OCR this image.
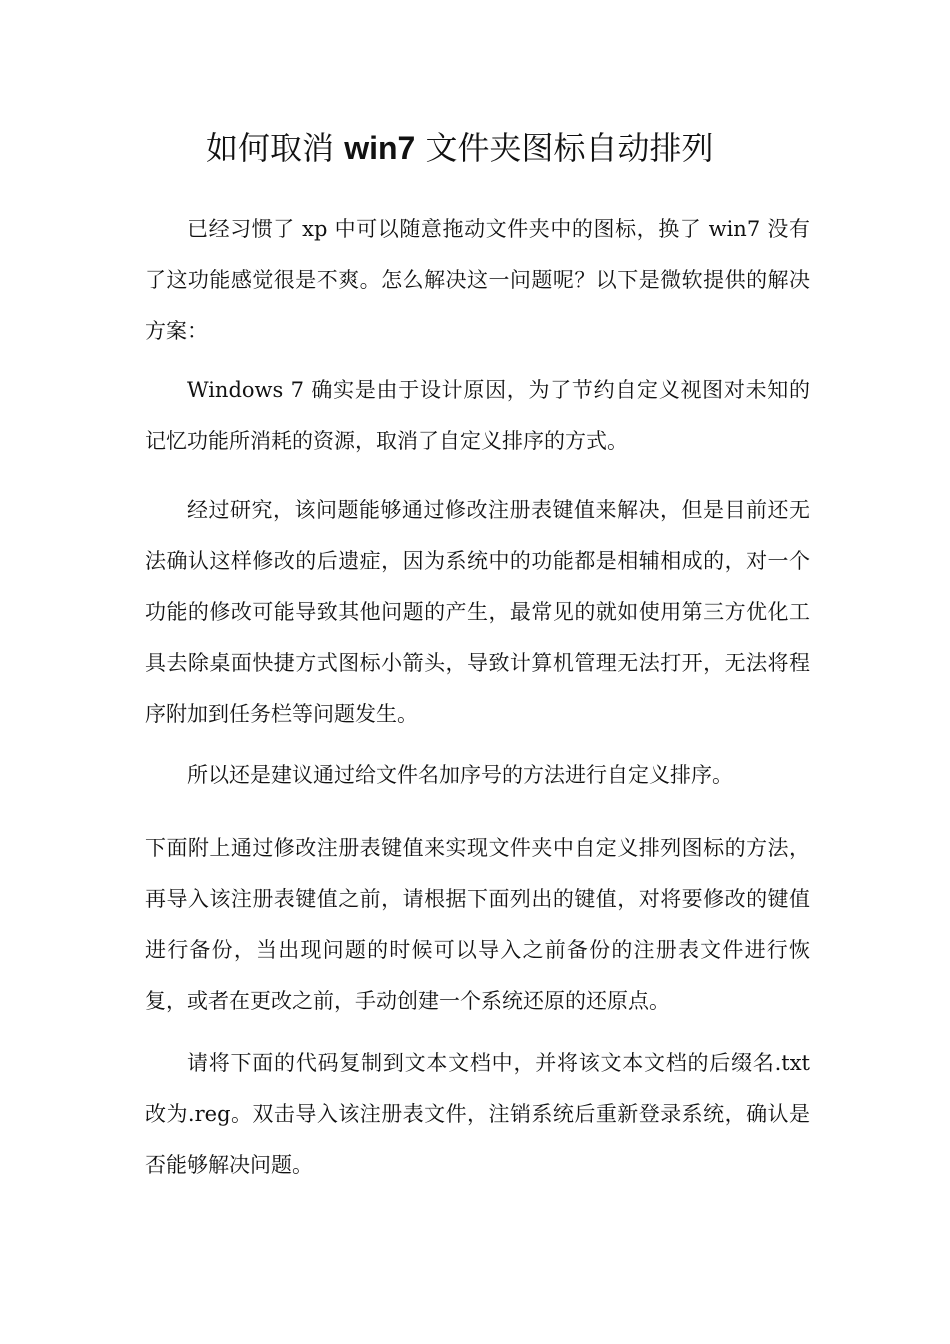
如何取消 win7 文件夹图标自动排列

已经习惯了 xp 中可以随意拖动文件夹中的图标，换了 win7 没有了这功能感觉很是不爽。怎么解决这一问题呢？以下是微软提供的解决方案：

Windows 7 确实是由于设计原因，为了节约自定义视图对未知的记忆功能所消耗的资源，取消了自定义排序的方式。

经过研究，该问题能够通过修改注册表键值来解决，但是目前还无法确认这样修改的后遗症，因为系统中的功能都是相辅相成的，对一个功能的修改可能导致其他问题的产生，最常见的就如使用第三方优化工具去除桌面快捷方式图标小箭头，导致计算机管理无法打开，无法将程序附加到任务栏等问题发生。

所以还是建议通过给文件名加序号的方法进行自定义排序。

下面附上通过修改注册表键值来实现文件夹中自定义排列图标的方法，再导入该注册表键值之前，请根据下面列出的键值，对将要修改的键值进行备份，当出现问题的时候可以导入之前备份的注册表文件进行恢复，或者在更改之前，手动创建一个系统还原的还原点。

请将下面的代码复制到文本文档中，并将该文本文档的后缀名.txt 改为.reg。双击导入该注册表文件，注销系统后重新登录系统，确认是否能够解决问题。
